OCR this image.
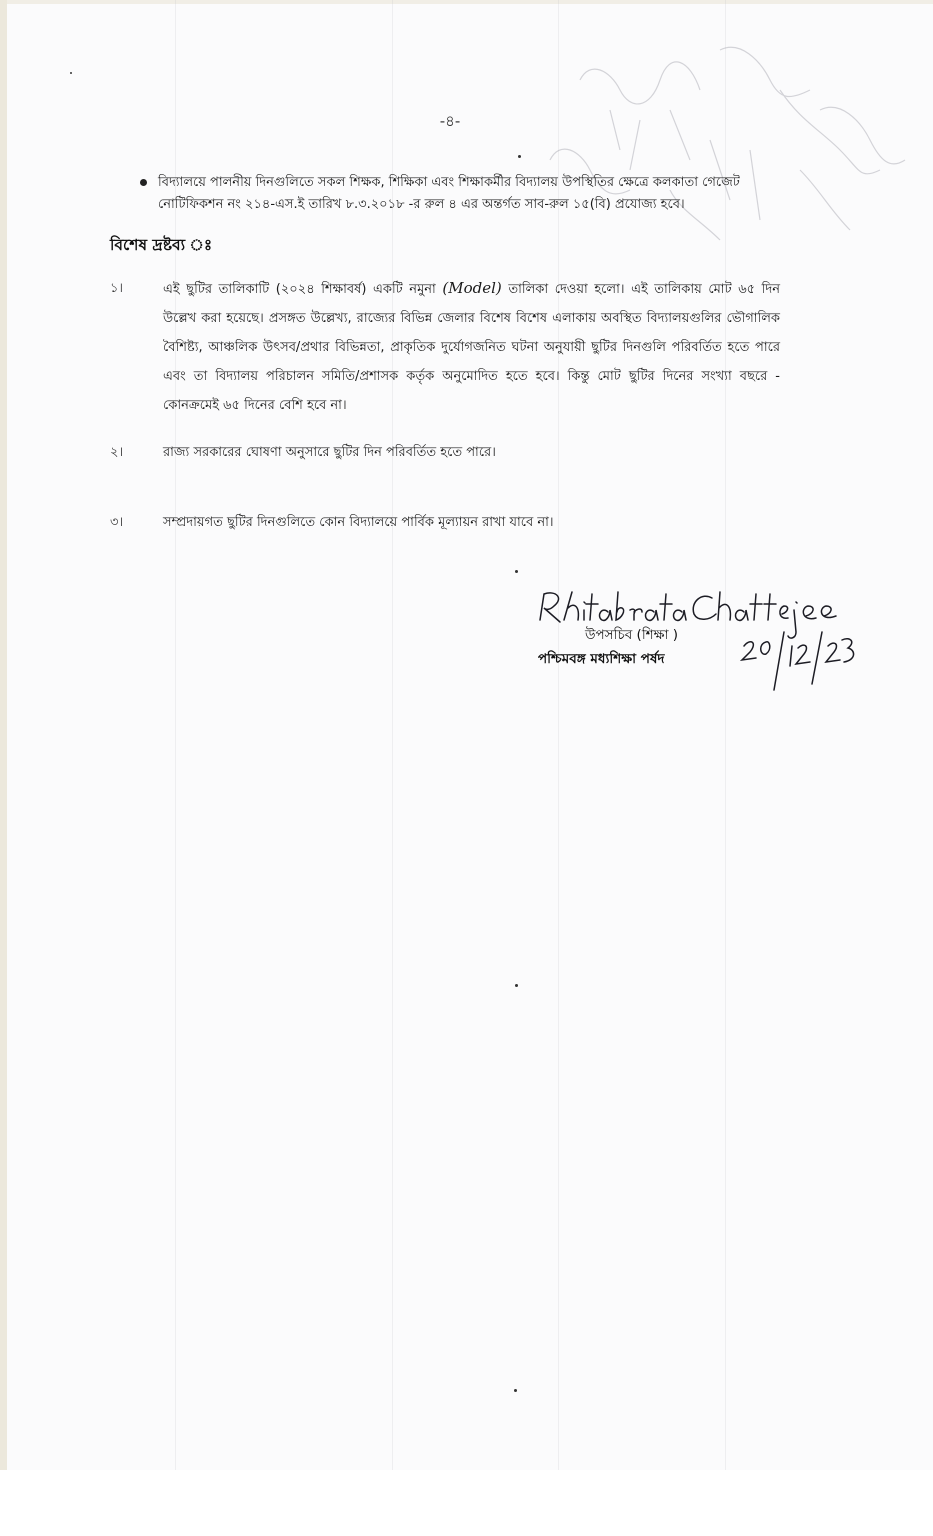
-৪-
বিদ্যালয়ে পালনীয় দিনগুলিতে সকল শিক্ষক, শিক্ষিকা এবং শিক্ষাকর্মীর বিদ্যালয় উপস্থিতির ক্ষেত্রে কলকাতা গেজেট নোটিফিকশন নং ২১৪-এস.ই তারিখ ৮.৩.২০১৮ -র রুল ৪ এর অন্তর্গত সাব-রুল ১৫(বি) প্রযোজ্য হবে।
বিশেষ দ্রষ্টব্য ঃ
১।	এই ছুটির তালিকাটি (২০২৪ শিক্ষাবর্ষ) একটি নমুনা (Model) তালিকা দেওয়া হলো। এই তালিকায় মোট ৬৫ দিন উল্লেখ করা হয়েছে। প্রসঙ্গত উল্লেখ্য, রাজ্যের বিভিন্ন জেলার বিশেষ বিশেষ এলাকায় অবস্থিত বিদ্যালয়গুলির ভৌগালিক বৈশিষ্ট্য, আঞ্চলিক উৎসব/প্রথার বিভিন্নতা, প্রাকৃতিক দুর্যোগজনিত ঘটনা অনুযায়ী ছুটির দিনগুলি পরিবর্তিত হতে পারে এবং তা বিদ্যালয় পরিচালন সমিতি/প্রশাসক কর্তৃক অনুমোদিত হতে হবে। কিন্তু মোট ছুটির দিনের সংখ্যা বছরে - কোনক্রমেই ৬৫ দিনের বেশি হবে না।
২।	রাজ্য সরকারের ঘোষণা অনুসারে ছুটির দিন পরিবর্তিত হতে পারে।
৩।	সম্প্রদায়গত ছুটির দিনগুলিতে কোন বিদ্যালয়ে পার্বিক মূল্যায়ন রাখা যাবে না।
উপসচিব (শিক্ষা )
পশ্চিমবঙ্গ মধ্যশিক্ষা পর্ষদ
